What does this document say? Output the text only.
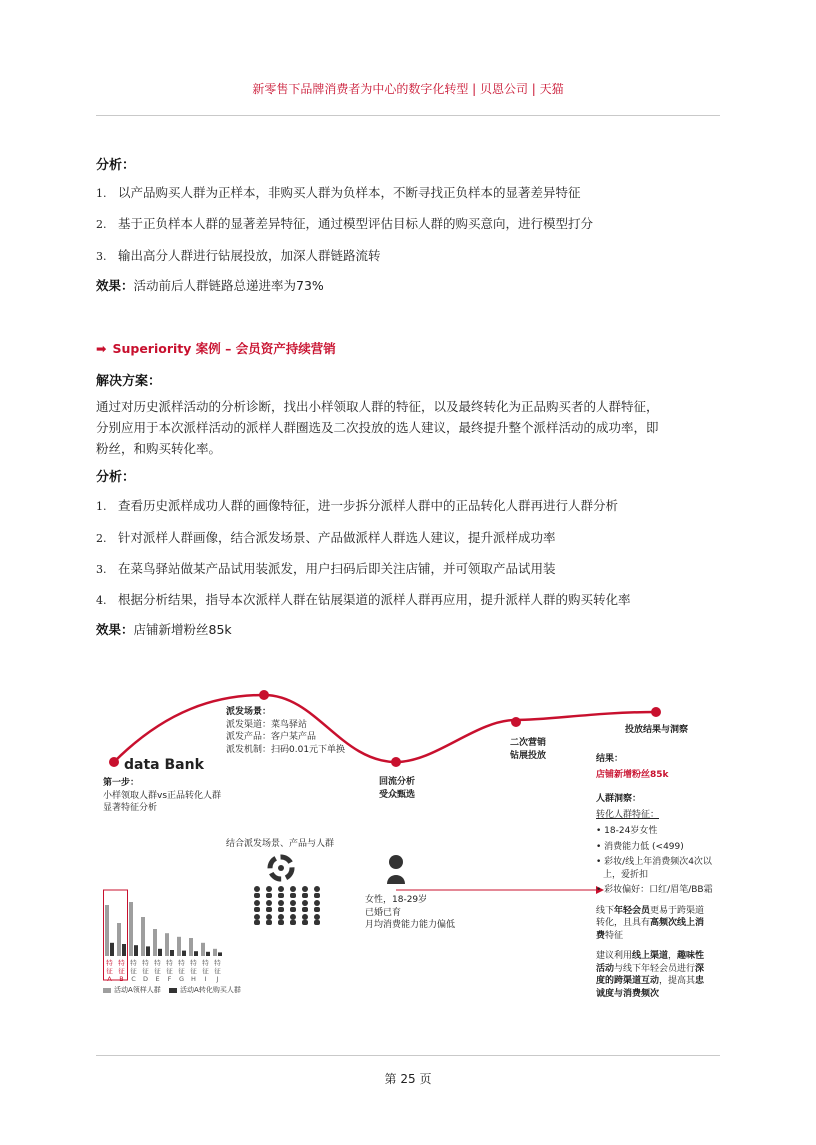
新零售下品牌消费者为中心的数字化转型 | 贝恩公司 | 天猫
分析：
1. 以产品购买人群为正样本，非购买人群为负样本，不断寻找正负样本的显著差异特征
2. 基于正负样本人群的显著差异特征，通过模型评估目标人群的购买意向，进行模型打分
3. 输出高分人群进行钻展投放，加深人群链路流转
效果：活动前后人群链路总递进率为73%
➡ Superiority 案例 – 会员资产持续营销
解决方案：
通过对历史派样活动的分析诊断，找出小样领取人群的特征，以及最终转化为正品购买者的人群特征，
分别应用于本次派样活动的派样人群圈选及二次投放的选人建议，最终提升整个派样活动的成功率，即
粉丝，和购买转化率。
分析：
1. 查看历史派样成功人群的画像特征，进一步拆分派样人群中的正品转化人群再进行人群分析
2. 针对派样人群画像，结合派发场景、产品做派样人群选人建议，提升派样成功率
3. 在菜鸟驿站做某产品试用装派发，用户扫码后即关注店铺，并可领取产品试用装
4. 根据分析结果，指导本次派样人群在钻展渠道的派样人群再应用，提升派样人群的购买转化率
效果：店铺新增粉丝85k
data Bank
第一步：
小样领取人群vs正品转化人群
显著特征分析
派发场景：
派发渠道：菜鸟驿站
派发产品：客户某产品
派发机制：扫码0.01元下单换
回流分析
受众甄选
二次营销
钻展投放
投放结果与洞察
结果：
店铺新增粉丝85k
人群洞察：
转化人群特征：
• 18-24岁女性
• 消费能力低 (<499)
• 彩妆/线上年消费频次4次以
上，爱折扣
• 彩妆偏好：口红/眉笔/BB霜
线下年轻会员更易于跨渠道
转化，且具有高频次线上消
费特征
建议利用线上渠道，趣味性
活动与线下年轻会员进行深
度的跨渠道互动，提高其忠
诚度与消费频次
结合派发场景、产品与人群
女性，18-29岁
已婚已育
月均消费能力能力偏低
特征 A
特征 B
特征 C
特征 D
特征 E
特征 F
特征 G
特征 H
特征 I
特征 J
活动A领样人群	活动A转化购买人群
第 25 页
